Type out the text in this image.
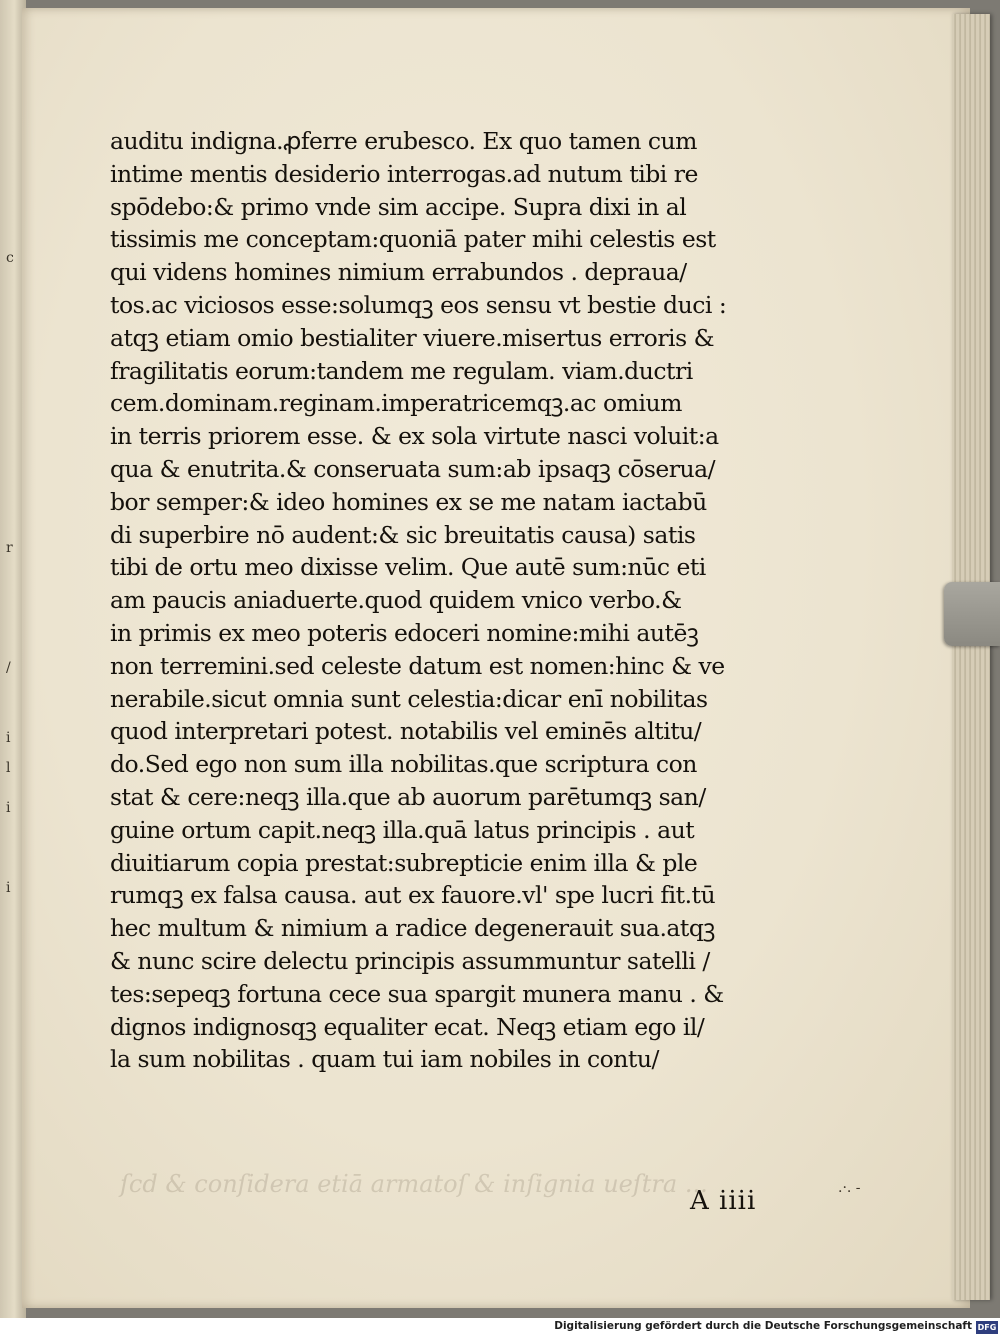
c
r
/
i
l
i
i
ſcd & conſidera etiā armatoſ & inſignia ueſtra ...
auditu indigna.ꝓferre erubesco. Ex quo tamen cum
intime mentis desiderio interrogas.ad nutum tibi re
spōdebo:& primo vnde sim accipe. Supra dixi in al
tissimis me conceptam:quoniā pater mihi celestis est
qui videns homines nimium errabundos . deprauа/
tos.ac viciosos esse:solumqꝫ eos sensu vt bestie duci :
atqꝫ etiam omio bestialiter viuere.misertus erroris &
fragilitatis eorum:tandem me regulam. viam.ductri
cem.dominam.reginam.imperatricemqꝫ.ac omium
in terris priorem esse. & ex sola virtute nasci voluit:a
qua & enutrita.& conseruata sum:ab ipsaqꝫ cōserua/
bor semper:& ideo homines ex se me natam iactabū
di superbire nō audent:& sic breuitatis causa) satis
tibi de ortu meo dixisse velim. Que autē sum:nūc eti
am paucis aniaduerte.quod quidem vnico verbo.&
in primis ex meo poteris edoceri nomine:mihi autēꝫ
non terremini.sed celeste datum est nomen:hinc & ve
nerabile.sicut omnia sunt celestia:dicar enī nobilitas
quod interpretari potest. notabilis vel eminēs altitu/
do.Sed ego non sum illa nobilitas.que scriptura con
stat & cere:neqꝫ illa.que ab auorum parētumqꝫ san/
guine ortum capit.neqꝫ illa.quā latus principis . aut
diuitiarum copia prestat:subrepticie enim illa & ple
rumqꝫ ex falsa causa. aut ex fauore.vl' spe lucri fit.tū
hec multum & nimium a radice degenerauit sua.atqꝫ
& nunc scire delectu principis assummuntur satelli /
tes:sepeqꝫ fortuna cece sua spargit munera manu . &
dignos indignosqꝫ equaliter ecat. Neqꝫ etiam ego il/
la sum nobilitas . quam tui iam nobiles in contu/
A iiii	.·. -
Digitalisierung gefördert durch die Deutsche Forschungsgemeinschaft DFG
